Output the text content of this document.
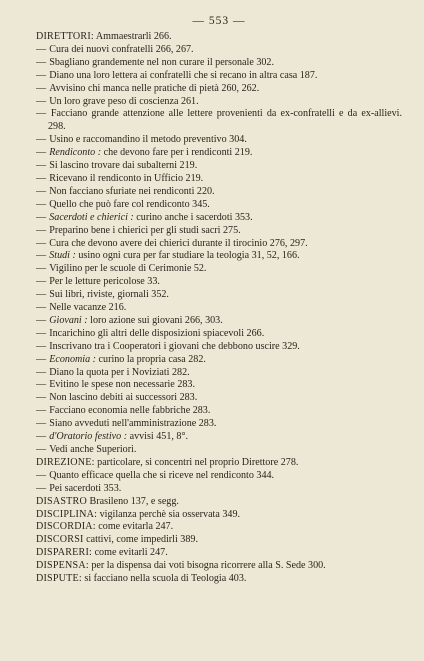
— 553 —
DIRETTORI: Ammaestrarli 266.
— Cura dei nuovi confratelli 266, 267.
— Sbagliano grandemente nel non curare il personale 302.
— Diano una loro lettera ai confratelli che si recano in altra casa 187.
— Avvisino chi manca nelle pratiche di pietà 260, 262.
— Un loro grave peso di coscienza 261.
— Facciano grande attenzione alle lettere provenienti da ex-confratelli e da ex-allievi. 298.
— Usino e raccomandino il metodo preventivo 304.
— Rendiconto : che devono fare per i rendiconti 219.
— Si lascino trovare dai subalterni 219.
— Ricevano il rendiconto in Ufficio 219.
— Non facciano sfuriate nei rendiconti 220.
— Quello che può fare col rendiconto 345.
— Sacerdoti e chierici : curino anche i sacerdoti 353.
— Preparino bene i chierici per gli studi sacri 275.
— Cura che devono avere dei chierici durante il tirocinio 276, 297.
— Studi : usino ogni cura per far studiare la teologia 31, 52, 166.
— Vigilino per le scuole di Cerimonie 52.
— Per le letture pericolose 33.
— Sui libri, riviste, giornali 352.
— Nelle vacanze 216.
— Giovani : loro azione sui giovani 266, 303.
— Incarichino gli altri delle disposizioni spiacevoli 266.
— Inscrivano tra i Cooperatori i giovani che debbono uscire 329.
— Economia : curino la propria casa 282.
— Diano la quota per i Noviziati 282.
— Evitino le spese non necessarie 283.
— Non lascino debiti ai successori 283.
— Facciano economia nelle fabbriche 283.
— Siano avveduti nell'amministrazione 283.
— d'Oratorio festivo : avvisi 451, 8°.
— Vedi anche Superiori.
DIREZIONE: particolare, si concentri nel proprio Direttore 278.
— Quanto efficace quella che si riceve nel rendiconto 344.
— Pei sacerdoti 353.
DISASTRO Brasileno 137, e segg.
DISCIPLINA: vigilanza perchè sia osservata 349.
DISCORDIA: come evitarla 247.
DISCORSI cattivi, come impedirli 389.
DISPARERI: come evitarli 247.
DISPENSA: per la dispensa dai voti bisogna ricorrere alla S. Sede 300.
DISPUTE: si facciano nella scuola di Teologia 403.
